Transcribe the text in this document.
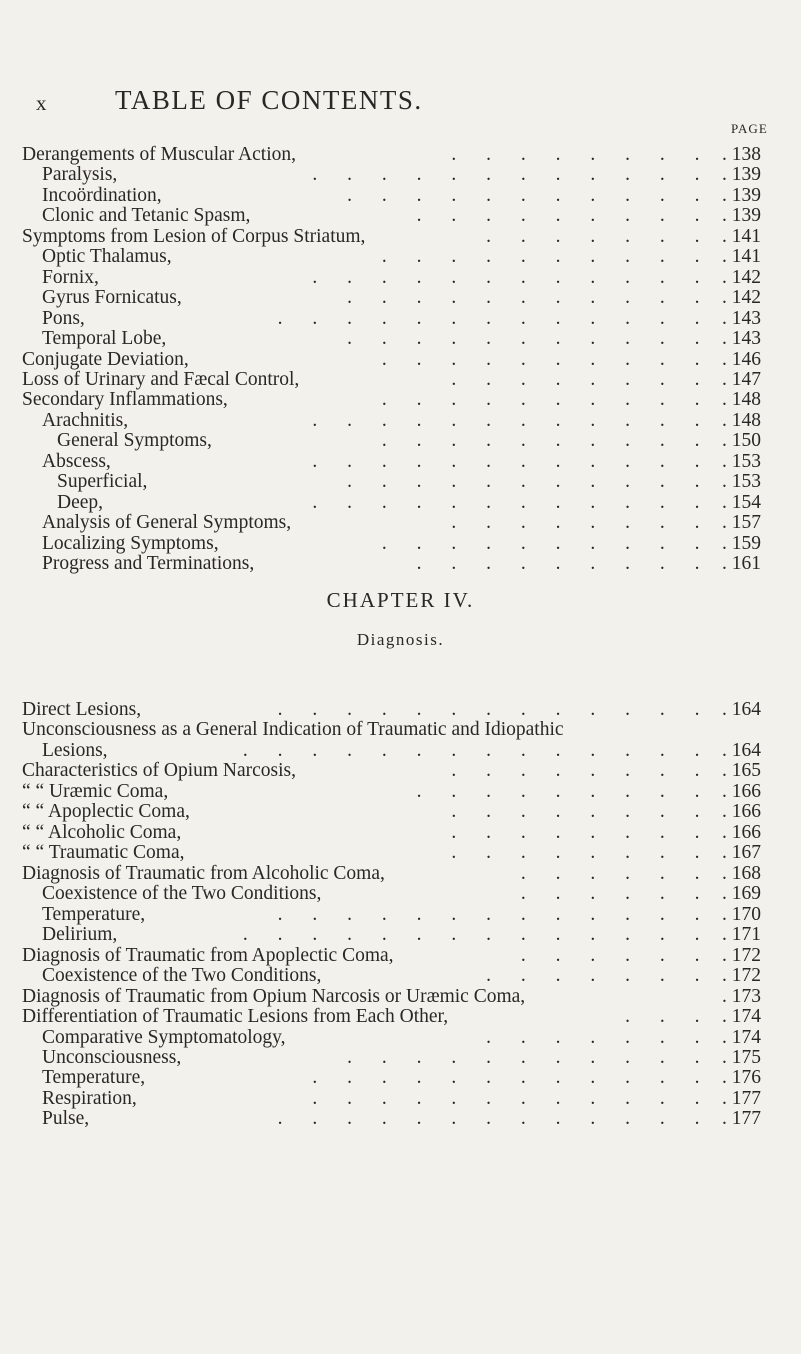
x	TABLE OF CONTENTS.
PAGE
Derangements of Muscular Action,	. . . . . . . . . 138
Paralysis,	. . . . . . . . . . . . . 139
Incoördination,	. . . . . . . . . . . . 139
Clonic and Tetanic Spasm,	. . . . . . . . . . 139
Symptoms from Lesion of Corpus Striatum,	. . . . . . . . 141
Optic Thalamus,	. . . . . . . . . . . 141
Fornix,	. . . . . . . . . . . . . 142
Gyrus Fornicatus,	. . . . . . . . . . . . 142
Pons,	. . . . . . . . . . . . . . 143
Temporal Lobe,	. . . . . . . . . . . . 143
Conjugate Deviation,	. . . . . . . . . . . 146
Loss of Urinary and Fæcal Control,	. . . . . . . . . 147
Secondary Inflammations,	. . . . . . . . . . . 148
Arachnitis,	. . . . . . . . . . . . . 148
General Symptoms,	. . . . . . . . . . . 150
Abscess,	. . . . . . . . . . . . . 153
Superficial,	. . . . . . . . . . . . 153
Deep,	. . . . . . . . . . . . . 154
Analysis of General Symptoms,	. . . . . . . . . 157
Localizing Symptoms,	. . . . . . . . . . . 159
Progress and Terminations,	. . . . . . . . . . 161
CHAPTER IV.
Diagnosis.
Direct Lesions,	. . . . . . . . . . . . . . 164
Unconsciousness as a General Indication of Traumatic and Idiopathic
Lesions,	. . . . . . . . . . . . . . . 164
Characteristics of Opium Narcosis,	. . . . . . . . . 165
“ “ Uræmic Coma,	. . . . . . . . . . 166
“ “ Apoplectic Coma,	. . . . . . . . . 166
“ “ Alcoholic Coma,	. . . . . . . . . 166
“ “ Traumatic Coma,	. . . . . . . . . 167
Diagnosis of Traumatic from Alcoholic Coma,	. . . . . . . 168
Coexistence of the Two Conditions,	. . . . . . . 169
Temperature,	. . . . . . . . . . . . . . 170
Delirium,	. . . . . . . . . . . . . . . 171
Diagnosis of Traumatic from Apoplectic Coma,	. . . . . . . 172
Coexistence of the Two Conditions,	. . . . . . . . 172
Diagnosis of Traumatic from Opium Narcosis or Uræmic Coma,	. 173
Differentiation of Traumatic Lesions from Each Other,	. . . . 174
Comparative Symptomatology,	. . . . . . . . 174
Unconsciousness,	. . . . . . . . . . . . 175
Temperature,	. . . . . . . . . . . . . 176
Respiration,	. . . . . . . . . . . . . 177
Pulse,	. . . . . . . . . . . . . . 177
